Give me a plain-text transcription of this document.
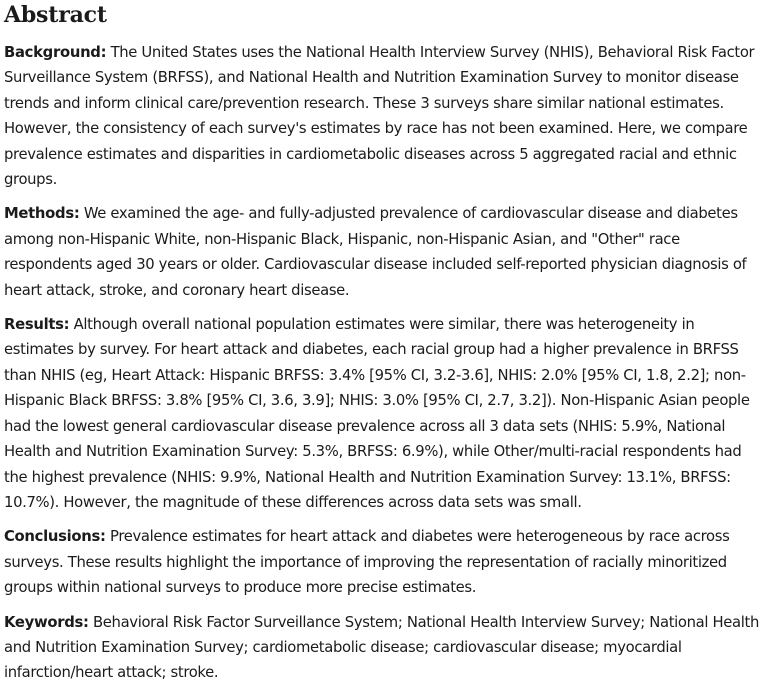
Abstract

Background: The United States uses the National Health Interview Survey (NHIS), Behavioral Risk Factor Surveillance System (BRFSS), and National Health and Nutrition Examination Survey to monitor disease trends and inform clinical care/prevention research. These 3 surveys share similar national estimates. However, the consistency of each survey's estimates by race has not been examined. Here, we compare prevalence estimates and disparities in cardiometabolic diseases across 5 aggregated racial and ethnic groups.

Methods: We examined the age- and fully-adjusted prevalence of cardiovascular disease and diabetes among non-Hispanic White, non-Hispanic Black, Hispanic, non-Hispanic Asian, and "Other" race respondents aged 30 years or older. Cardiovascular disease included self-reported physician diagnosis of heart attack, stroke, and coronary heart disease.

Results: Although overall national population estimates were similar, there was heterogeneity in estimates by survey. For heart attack and diabetes, each racial group had a higher prevalence in BRFSS than NHIS (eg, Heart Attack: Hispanic BRFSS: 3.4% [95% CI, 3.2-3.6], NHIS: 2.0% [95% CI, 1.8, 2.2]; non-Hispanic Black BRFSS: 3.8% [95% CI, 3.6, 3.9]; NHIS: 3.0% [95% CI, 2.7, 3.2]). Non-Hispanic Asian people had the lowest general cardiovascular disease prevalence across all 3 data sets (NHIS: 5.9%, National Health and Nutrition Examination Survey: 5.3%, BRFSS: 6.9%), while Other/multi-racial respondents had the highest prevalence (NHIS: 9.9%, National Health and Nutrition Examination Survey: 13.1%, BRFSS: 10.7%). However, the magnitude of these differences across data sets was small.

Conclusions: Prevalence estimates for heart attack and diabetes were heterogeneous by race across surveys. These results highlight the importance of improving the representation of racially minoritized groups within national surveys to produce more precise estimates.

Keywords: Behavioral Risk Factor Surveillance System; National Health Interview Survey; National Health and Nutrition Examination Survey; cardiometabolic disease; cardiovascular disease; myocardial infarction/heart attack; stroke.
